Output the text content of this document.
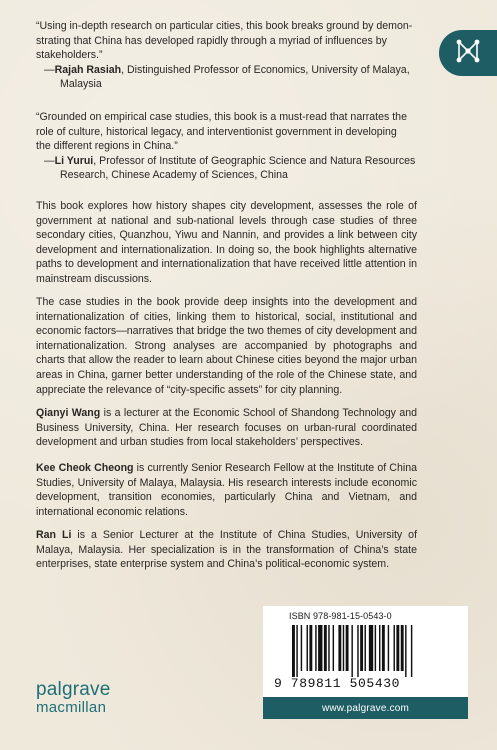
“Using in-depth research on particular cities, this book breaks ground by demon-

strating that China has developed rapidly through a myriad of influences by

stakeholders.”

—Rajah Rasiah, Distinguished Professor of Economics, University of Malaya,

Malaysia

“Grounded on empirical case studies, this book is a must-read that narrates the

role of culture, historical legacy, and interventionist government in developing

the different regions in China.”

—Li Yurui, Professor of Institute of Geographic Science and Natura Resources

Research, Chinese Academy of Sciences, China

This book explores how history shapes city development, assesses the role of government at national and sub-national levels through case studies of three secondary cities, Quanzhou, Yiwu and Nannin, and provides a link between city development and internationalization. In doing so, the book highlights alternative paths to development and internationalization that have received little attention in mainstream discussions.

The case studies in the book provide deep insights into the development and internationalization of cities, linking them to historical, social, institutional and economic factors—narratives that bridge the two themes of city development and internationalization. Strong analyses are accompanied by photographs and charts that allow the reader to learn about Chinese cities beyond the major urban areas in China, garner better understanding of the role of the Chinese state, and appreciate the relevance of “city-specific assets” for city planning.

Qianyi Wang is a lecturer at the Economic School of Shandong Technology and Business University, China. Her research focuses on urban-rural coordinated development and urban studies from local stakeholders’ perspectives.

Kee Cheok Cheong is currently Senior Research Fellow at the Institute of China Studies, University of Malaya, Malaysia. His research interests include economic development, transition economies, particularly China and Vietnam, and international economic relations.

Ran Li is a Senior Lecturer at the Institute of China Studies, University of Malaya, Malaysia. Her specialization is in the transformation of China’s state enterprises, state enterprise system and China’s political-economic system.

palgrave
macmillan
ISBN 978-981-15-0543-0
9 789811 505430
www.palgrave.com
